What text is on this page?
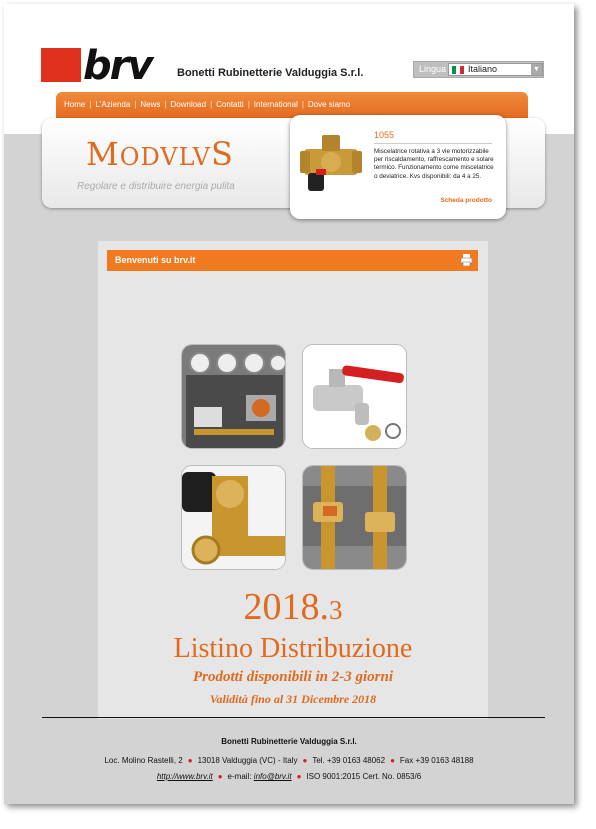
brv	Bonetti Rubinetterie Valduggia S.r.l.	Lingua Italiano	▼
Home | L'Azienda | News | Download | Contatti | International | Dove siamo
MODVLVS
Regolare e distribuire energia pulita
1055
Miscelatrice rotativa a 3 vie motorizzabile per riscaldamento, raffrescamento e solare termico. Funzionamento come miscelatrice o deviatrice. Kvs disponibili: da 4 a 25.
Scheda prodotto
Benvenuti su brv.it
2018.3
Listino Distribuzione
Prodotti disponibili in 2-3 giorni
Validità fino al 31 Dicembre 2018
Bonetti Rubinetterie Valduggia S.r.l.
Loc. Molino Rastelli, 2 ● 13018 Valduggia (VC) - Italy ● Tel. +39 0163 48062 ● Fax +39 0163 48188
http://www.brv.it ● e-mail: info@brv.it ● ISO 9001:2015 Cert. No. 0853/6
